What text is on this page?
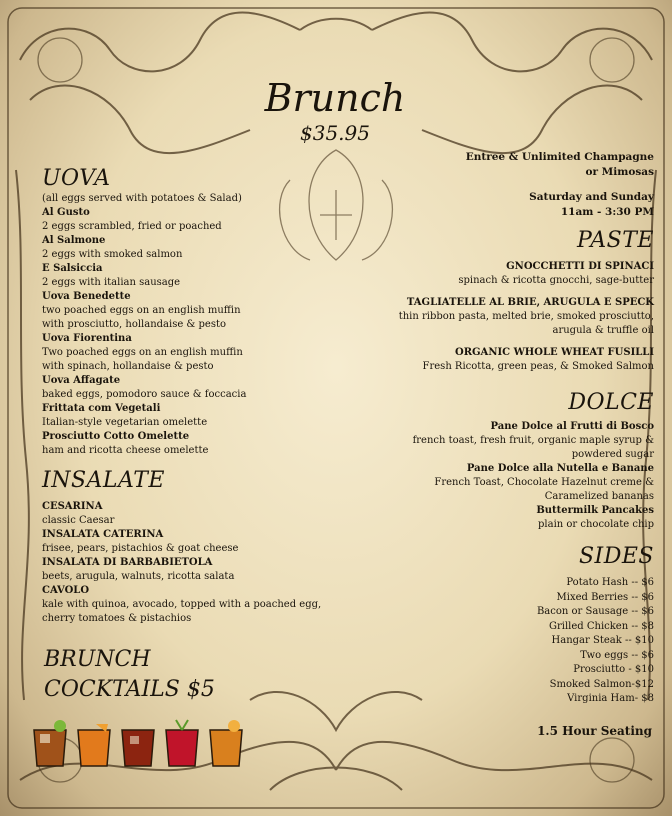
Brunch
$35.95
Entree & Unlimited Champagne
or Mimosas
Saturday and Sunday
11am - 3:30 PM
UOVA
(all eggs served with potatoes & Salad)
Al Gusto
2 eggs scrambled, fried or poached
Al Salmone
2 eggs with smoked salmon
E Salsiccia
2 eggs with italian sausage
Uova Benedette
two poached eggs on an english muffin
with prosciutto, hollandaise & pesto
Uova Fiorentina
Two poached eggs on an english muffin
with spinach, hollandaise & pesto
Uova Affagate
baked eggs, pomodoro sauce & foccacia
Frittata com Vegetali
Italian-style vegetarian omelette
Prosciutto Cotto Omelette
ham and ricotta cheese omelette
INSALATE
CESARINA
classic Caesar
INSALATA CATERINA
frisee, pears, pistachios & goat cheese
INSALATA DI BARBABIETOLA
beets, arugula, walnuts, ricotta salata
CAVOLO
kale with quinoa, avocado, topped with a poached egg,
cherry tomatoes & pistachios
BRUNCH
COCKTAILS $5
PASTE
GNOCCHETTI DI SPINACI
spinach & ricotta gnocchi, sage-butter
TAGLIATELLE AL BRIE, ARUGULA E SPECK
thin ribbon pasta, melted brie, smoked prosciutto,
arugula & truffle oil
ORGANIC WHOLE WHEAT FUSILLI
Fresh Ricotta, green peas, & Smoked Salmon
DOLCE
Pane Dolce al Frutti di Bosco
french toast, fresh fruit, organic maple syrup &
powdered sugar
Pane Dolce alla Nutella e Banane
French Toast, Chocolate Hazelnut creme &
Caramelized bananas
Buttermilk Pancakes
plain or chocolate chip
SIDES
Potato Hash -- $6
Mixed Berries -- $6
Bacon or Sausage -- $6
Grilled Chicken -- $8
Hangar Steak -- $10
Two eggs -- $6
Prosciutto - $10
Smoked Salmon-$12
Virginia Ham- $8
1.5 Hour Seating
